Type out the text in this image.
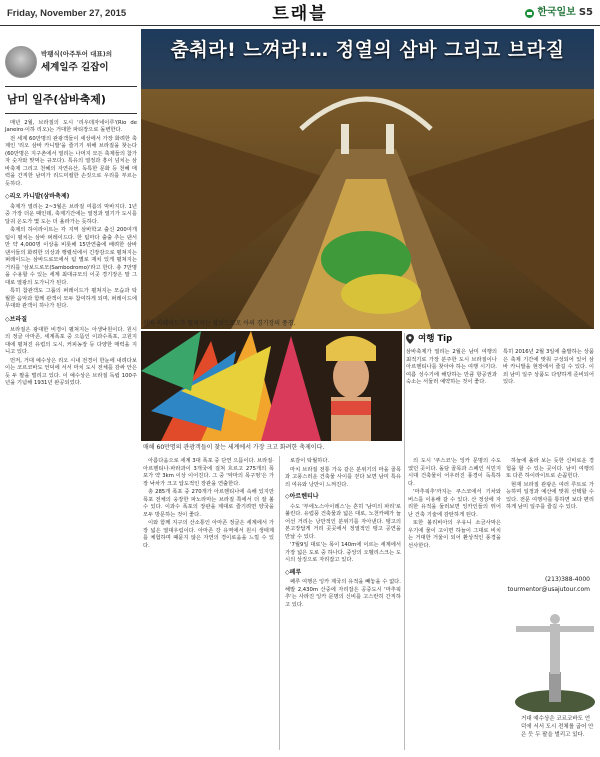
Friday, November 27, 2015	트래블	한국일보 S5
박팽식(아주투어 대표)의
세계일주 길잡이
남미 일주(삼바축제)

매년 2월, 브라질의 도시 '리우데자네이루'(Rio de Janeiro·이하 리오)는 거대한 파티장으로 돌변한다.

전 세계 60만명의 관광객들이 세상에서 가장 화려한 축제인 '리오 삼바 카니발'을 즐기기 위해 브라질을 찾는다(60만명은 지구촌에서 열리는 나머지 모든 축제들의 참가자 숫자와 맞먹는 규모다). 특유의 열정과 흥이 넘치는 삼바축제 그리고 천혜의 자연유산, 독특한 문화 등 천혜 매력을 간직한 남미가 리드미컬한 손짓으로 우리를 부르는 듯하다.

◇리오 카니발(삼바축제)

축제가 열리는 2~3월은 브라질 여름의 막바지다. 1년 중 가장 더운 때인데, 축제기간에는 열정과 열기가 도시를 달궈 온도가 몇 도는 더 올라가는 듯하다.

축제의 하이라이트는 각 지역 삼바학교 출신 200여개팀이 펼치는 삼바 퍼레이드다. 한 팀마다 출출 추는 댄서만 약 4,000명 이상을 비롯해 15만연출에 배려한 삼바 댄서들의 화려한 의상과 행렬석에서 긴장감으로 펼쳐지는 퍼레이드는 삼바드로모에서 팀 별로 재치 있게 펼쳐지는 거리를 '삼보드로모(Sambodromo)'라고 한다. 총 7만명을 수용할 수 있는 세계 최대규모의 이곳 경기장은 말 그대로 열광의 도가니가 된다.

특히 참관객도 그룹의 퍼레이드가 펼쳐지는 모습과 탁월한 음악과 함께 관객이 모두 참여하게 되며, 퍼레이드에 무대와 관객이 하나가 된다.

◇브라질

브라질은 광대한 비경이 펼쳐지는 아생낙원이다. 원시의 정글 아마존, 세계폭포 중 으뜸인 이과수폭포, 고원지대에 펼쳐진 유럽의 도시, 커피농장 등 다양한 매력을 지니고 있다.

먼저, 거대 예수상은 리오 시내 전경이 한눈에 내려다보이는 코르코바도 언덕에 서서 마치 도시 전체를 감싸 안은 듯 두 팔을 벌리고 있다. 이 예수상은 브라질 독립 100주년을 기념해 1931년 완공되었다.

춤춰라! 느껴라!… 정열의 삼바 그리고 브라질
삼바 퍼레이드가 펼쳐지는 삼보드로모 아의 경기장의 풍경.
매해 60만명의 관광객들이 찾는 세계에서 가장 크고 화려한 축제이다.

아름다움으로 세계 3대 폭포 중 단연 으뜸이다. 브라질·아르헨티나·파라과이 3개국에 걸쳐 흐르고 275개의 폭포가 약 3km 이상 이어진다. 그 중 '악마의 목구멍'은 가장 낙차가 크고 압도적인 장관을 연출한다.

총 285개 폭포 중 270개가 아르헨티나에 속해 있지만 폭포 전체의 웅장한 파노라마는 브라질 쪽에서 더 잘 볼 수 있다. 이과수 폭포의 장관을 제대로 즐기려면 양국을 모두 방문하는 것이 좋다.

이와 함께 지구의 산소통인 아마존 정글은 세계에서 가장 넓은 열대우림이다. 아마존 강 유역에서 원시 생태계를 체험하며 때묻지 않은 자연의 경이로움을 느낄 수 있다.

로감이 탁월하다.

마치 브라질 전통 가옥 같은 분위기의 마을 골목과 고풍스러운 건축물 사이를 걷다 보면 남미 특유의 여유와 낭만이 느껴진다.

◇아르헨티나

수도 '부에노스아이레스'는 흔히 '남미의 파리'로 불린다. 유럽풍 건축물과 넓은 대로, 노천카페가 늘어선 거리는 낭만적인 분위기를 자아낸다. 탱고의 본고장답게 거리 곳곳에서 정열적인 탱고 공연을 만날 수 있다.

'7월9일 대로'는 폭이 140m에 이르는 세계에서 가장 넓은 도로 중 하나다. 중앙의 오벨리스크는 도시의 상징으로 자리잡고 있다.

◇페루

페루 여행은 잉카 제국의 유적을 빼놓을 수 없다. 해발 2,430m 산중에 자리잡은 공중도시 '마추픽추'는 사라진 잉카 문명의 신비를 고스란히 간직하고 있다.

여행 Tip
삼바축제가 열리는 2월은 남미 여행의 최적기로 가장 분주한 도시 브라질이나 아르헨티나를 찾아야 하는 여행 시기다. 여름 성수기에 해당하는 만큼 항공권과 숙소는 서둘러 예약하는 것이 좋다.
특히 2016년 2월 3일에 출발하는 상품은 축제 기간에 맞춰 구성되어 있어 삼바 카니발을 현장에서 즐길 수 있다. 이 외 남미 일주 상품도 다양하게 준비되어 있다.

의 도시 '쿠스코'는 잉카 문명의 수도였던 곳이다. 돌담 골목과 스페인 식민지 시대 건축물이 어우러진 풍경이 독특하다.

'마추픽추'까지는 쿠스코에서 기차와 버스를 이용해 갈 수 있다. 산 정상에 자리한 유적을 둘러보면 잉카인들의 뛰어난 건축 기술에 감탄하게 된다.

또한 볼리비아의 우유니 소금사막은 우기에 물이 고이면 하늘이 그대로 비치는 거대한 거울이 되어 환상적인 풍경을 선사한다.

하늘에 올라 보는 듯한 신비로운 경험을 할 수 있는 곳이다. 남미 여행의 또 다른 하이라이트로 손꼽힌다.

현재 브라질 관광은 여러 루트로 가능하며 일정과 예산에 맞춰 선택할 수 있다. 전문 여행사를 통하면 보다 편리하게 남미 일주를 즐길 수 있다.

(213)388-4000
tourmentor@usajutour.com
거대 예수상은 코르코바도 언덕에 서서 도시 전체를 굽어 안은 듯 두 팔을 벌리고 있다.
